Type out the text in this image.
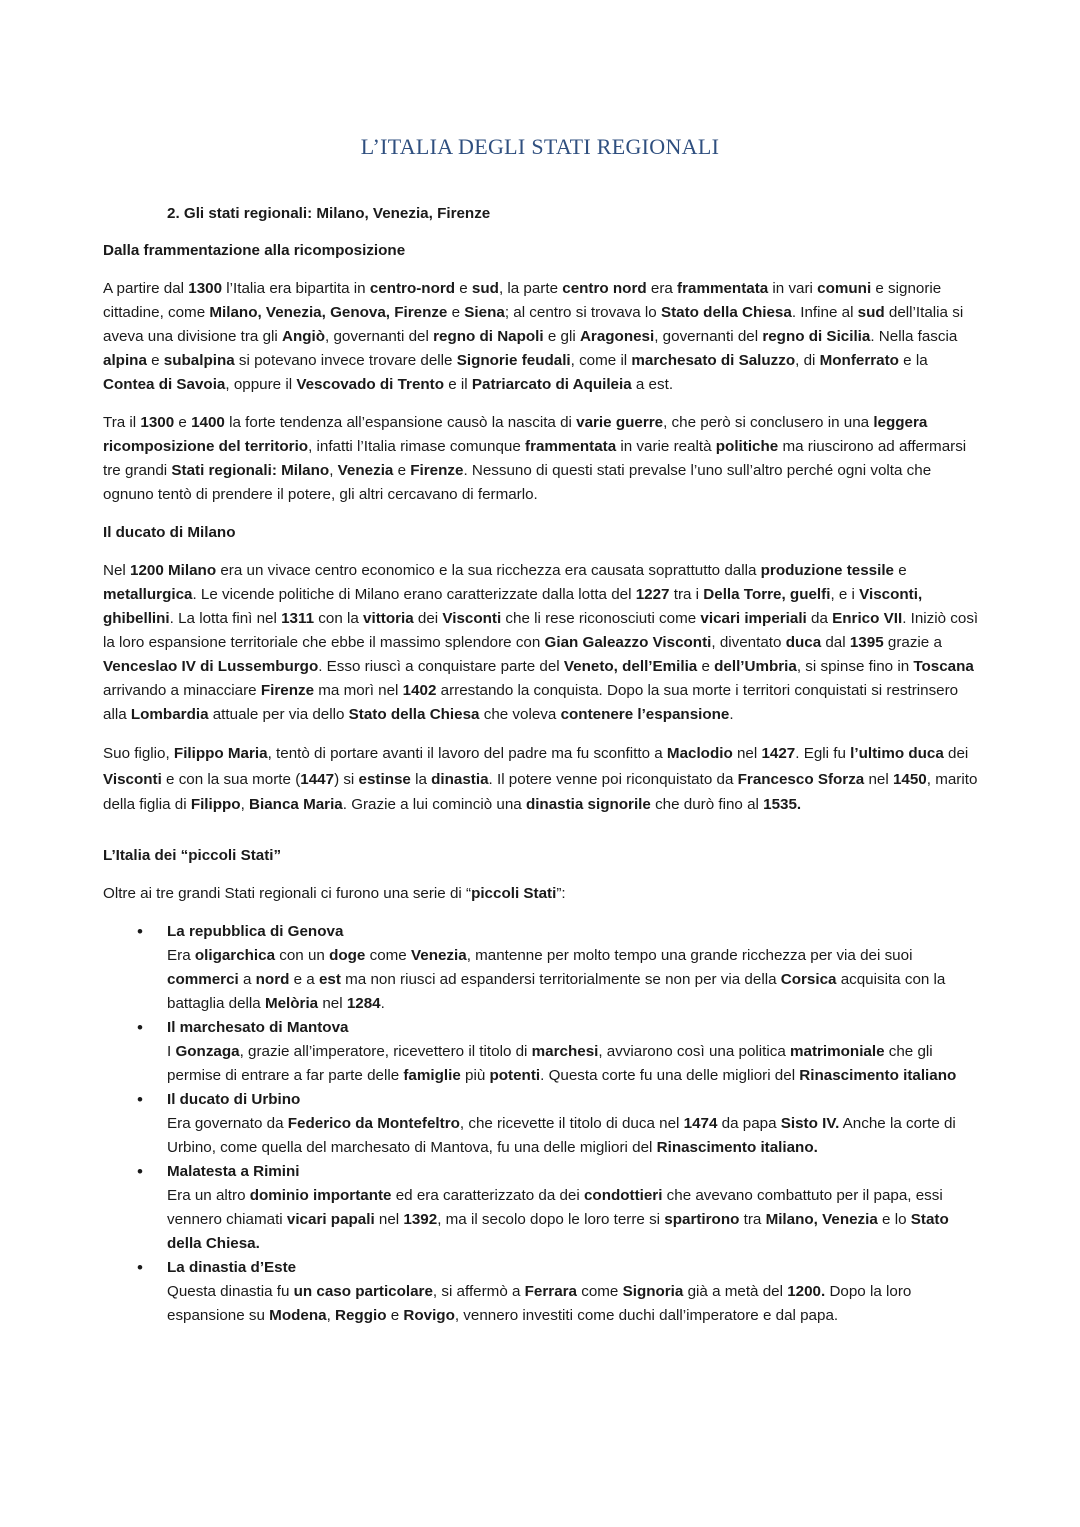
L’ITALIA DEGLI STATI REGIONALI
2. Gli stati regionali: Milano, Venezia, Firenze
Dalla frammentazione alla ricomposizione

A partire dal 1300 l’Italia era bipartita in centro-nord e sud, la parte centro nord era frammentata in vari comuni e signorie cittadine, come Milano, Venezia, Genova, Firenze e Siena; al centro si trovava lo Stato della Chiesa. Infine al sud dell’Italia si aveva una divisione tra gli Angiò, governanti del regno di Napoli e gli Aragonesi, governanti del regno di Sicilia. Nella fascia alpina e subalpina si potevano invece trovare delle Signorie feudali, come il marchesato di Saluzzo, di Monferrato e la Contea di Savoia, oppure il Vescovado di Trento e il Patriarcato di Aquileia a est.

Tra il 1300 e 1400 la forte tendenza all’espansione causò la nascita di varie guerre, che però si conclusero in una leggera ricomposizione del territorio, infatti l’Italia rimase comunque frammentata in varie realtà politiche ma riuscirono ad affermarsi tre grandi Stati regionali: Milano, Venezia e Firenze. Nessuno di questi stati prevalse l’uno sull’altro perché ogni volta che ognuno tentò di prendere il potere, gli altri cercavano di fermarlo.

Il ducato di Milano

Nel 1200 Milano era un vivace centro economico e la sua ricchezza era causata soprattutto dalla produzione tessile e metallurgica. Le vicende politiche di Milano erano caratterizzate dalla lotta del 1227 tra i Della Torre, guelfi, e i Visconti, ghibellini. La lotta finì nel 1311 con la vittoria dei Visconti che li rese riconosciuti come vicari imperiali da Enrico VII. Iniziò così la loro espansione territoriale che ebbe il massimo splendore con Gian Galeazzo Visconti, diventato duca dal 1395 grazie a Venceslao IV di Lussemburgo. Esso riuscì a conquistare parte del Veneto, dell’Emilia e dell’Umbria, si spinse fino in Toscana arrivando a minacciare Firenze ma morì nel 1402 arrestando la conquista. Dopo la sua morte i territori conquistati si restrinsero alla Lombardia attuale per via dello Stato della Chiesa che voleva contenere l’espansione.

Suo figlio, Filippo Maria, tentò di portare avanti il lavoro del padre ma fu sconfitto a Maclodio nel 1427. Egli fu l’ultimo duca dei Visconti e con la sua morte (1447) si estinse la dinastia. Il potere venne poi riconquistato da Francesco Sforza nel 1450, marito della figlia di Filippo, Bianca Maria. Grazie a lui cominciò una dinastia signorile che durò fino al 1535.

L’Italia dei “piccoli Stati”

Oltre ai tre grandi Stati regionali ci furono una serie di “piccoli Stati”:

• La repubblica di Genova
Era oligarchica con un doge come Venezia, mantenne per molto tempo una grande ricchezza per via dei suoi commerci a nord e a est ma non riusci ad espandersi territorialmente se non per via della Corsica acquisita con la battaglia della Melòria nel 1284.
• Il marchesato di Mantova
I Gonzaga, grazie all’imperatore, ricevettero il titolo di marchesi, avviarono così una politica matrimoniale che gli permise di entrare a far parte delle famiglie più potenti. Questa corte fu una delle migliori del Rinascimento italiano
• Il ducato di Urbino
Era governato da Federico da Montefeltro, che ricevette il titolo di duca nel 1474 da papa Sisto IV. Anche la corte di Urbino, come quella del marchesato di Mantova, fu una delle migliori del Rinascimento italiano.
• Malatesta a Rimini
Era un altro dominio importante ed era caratterizzato da dei condottieri che avevano combattuto per il papa, essi vennero chiamati vicari papali nel 1392, ma il secolo dopo le loro terre si spartirono tra Milano, Venezia e lo Stato della Chiesa.
• La dinastia d’Este
Questa dinastia fu un caso particolare, si affermò a Ferrara come Signoria già a metà del 1200. Dopo la loro espansione su Modena, Reggio e Rovigo, vennero investiti come duchi dall’imperatore e dal papa.
